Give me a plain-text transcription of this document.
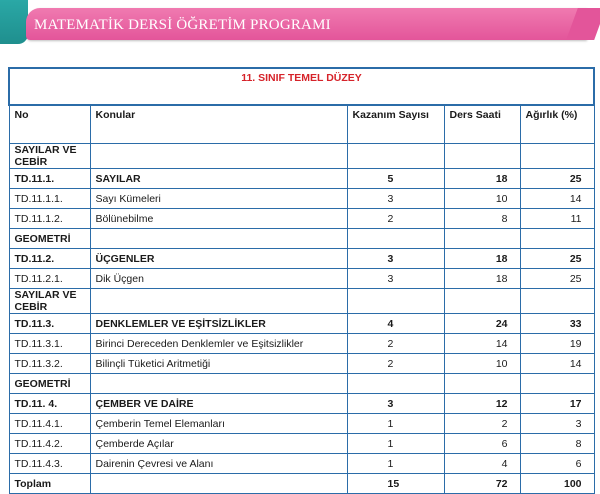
MATEMATİK DERSİ ÖĞRETİM PROGRAMI
11. SINIF TEMEL DÜZEY				
No	Konular	Kazanım Sayısı	Ders Saati	Ağırlık (%)
SAYILAR VE CEBİR				
TD.11.1.	SAYILAR	5	18	25
TD.11.1.1.	Sayı Kümeleri	3	10	14
TD.11.1.2.	Bölünebilme	2	8	11
GEOMETRİ				
TD.11.2.	ÜÇGENLER	3	18	25
TD.11.2.1.	Dik Üçgen	3	18	25
SAYILAR VE CEBİR				
TD.11.3.	DENKLEMLER VE EŞİTSİZLİKLER	4	24	33
TD.11.3.1.	Birinci Dereceden Denklemler ve Eşitsizlikler	2	14	19
TD.11.3.2.	Bilinçli Tüketici Aritmetiği	2	10	14
GEOMETRİ				
TD.11. 4.	ÇEMBER VE DAİRE	3	12	17
TD.11.4.1.	Çemberin Temel Elemanları	1	2	3
TD.11.4.2.	Çemberde Açılar	1	6	8
TD.11.4.3.	Dairenin Çevresi ve Alanı	1	4	6
Toplam		15	72	100
